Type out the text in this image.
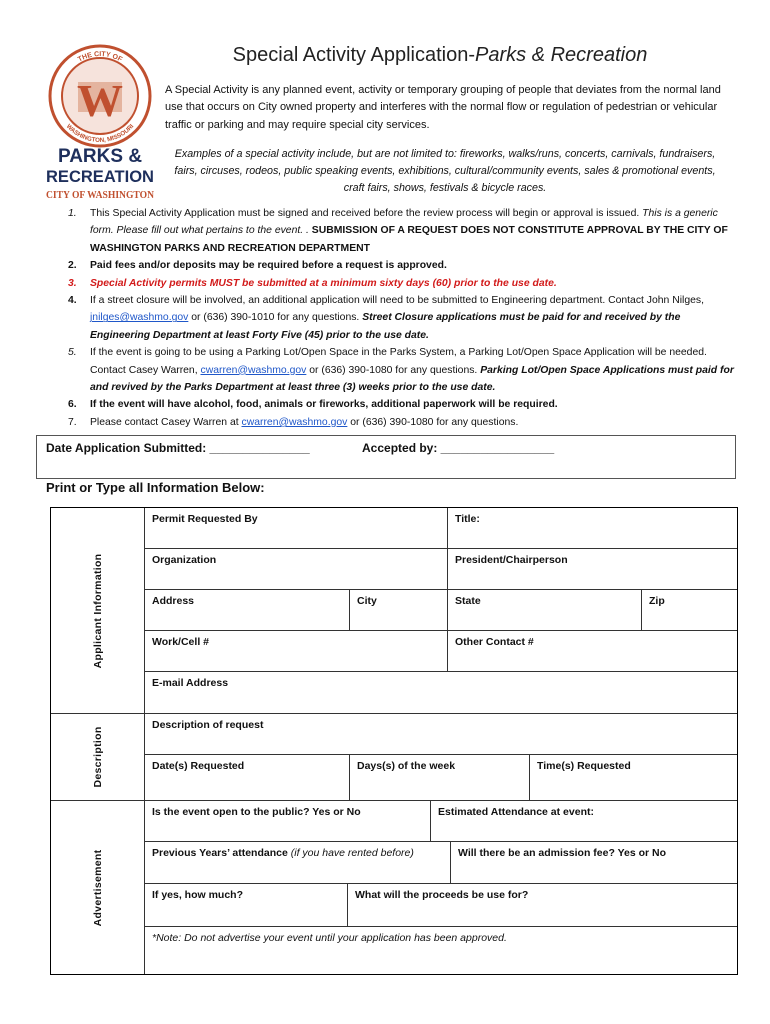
THE CITY OF
WASHINGTON, MISSOURI
W
PARKS &
RECREATION
CITY OF WASHINGTON
Special Activity Application-Parks & Recreation
A Special Activity is any planned event, activity or temporary grouping of people that deviates from the normal land use that occurs on City owned property and interferes with the normal flow or regulation of pedestrian or vehicular traffic or parking and may require special city services.
Examples of a special activity include, but are not limited to: fireworks, walks/runs, concerts, carnivals, fundraisers, fairs, circuses, rodeos, public speaking events, exhibitions, cultural/community events, sales & promotional events, craft fairs, shows, festivals & bicycle races.
1. This Special Activity Application must be signed and received before the review process will begin or approval is issued. This is a generic form. Please fill out what pertains to the event. . SUBMISSION OF A REQUEST DOES NOT CONSTITUTE APPROVAL BY THE CITY OF WASHINGTON PARKS AND RECREATION DEPARTMENT
2. Paid fees and/or deposits may be required before a request is approved.
3. Special Activity permits MUST be submitted at a minimum sixty days (60) prior to the use date.
4. If a street closure will be involved, an additional application will need to be submitted to Engineering department. Contact John Nilges, jnilges@washmo.gov or (636) 390-1010 for any questions. Street Closure applications must be paid for and received by the Engineering Department at least Forty Five (45) prior to the use date.
5. If the event is going to be using a Parking Lot/Open Space in the Parks System, a Parking Lot/Open Space Application will be needed. Contact Casey Warren, cwarren@washmo.gov or (636) 390-1080 for any questions. Parking Lot/Open Space Applications must paid for and revived by the Parks Department at least three (3) weeks prior to the use date.
6. If the event will have alcohol, food, animals or fireworks, additional paperwork will be required.
7. Please contact Casey Warren at cwarren@washmo.gov or (636) 390-1080 for any questions.
Date Application Submitted: _______________	Accepted by: _________________
Print or Type all Information Below:
Applicant Information
Description
Advertisement
Permit Requested By	Title:
Organization	President/Chairperson
Address	City	State	Zip
Work/Cell #	Other Contact #
E-mail Address
Description of request
Date(s) Requested	Days(s) of the week	Time(s) Requested
Is the event open to the public? Yes or No	Estimated Attendance at event:
Previous Years’ attendance (if you have rented before)	Will there be an admission fee? Yes or No
If yes, how much?	What will the proceeds be use for?
*Note: Do not advertise your event until your application has been approved.
